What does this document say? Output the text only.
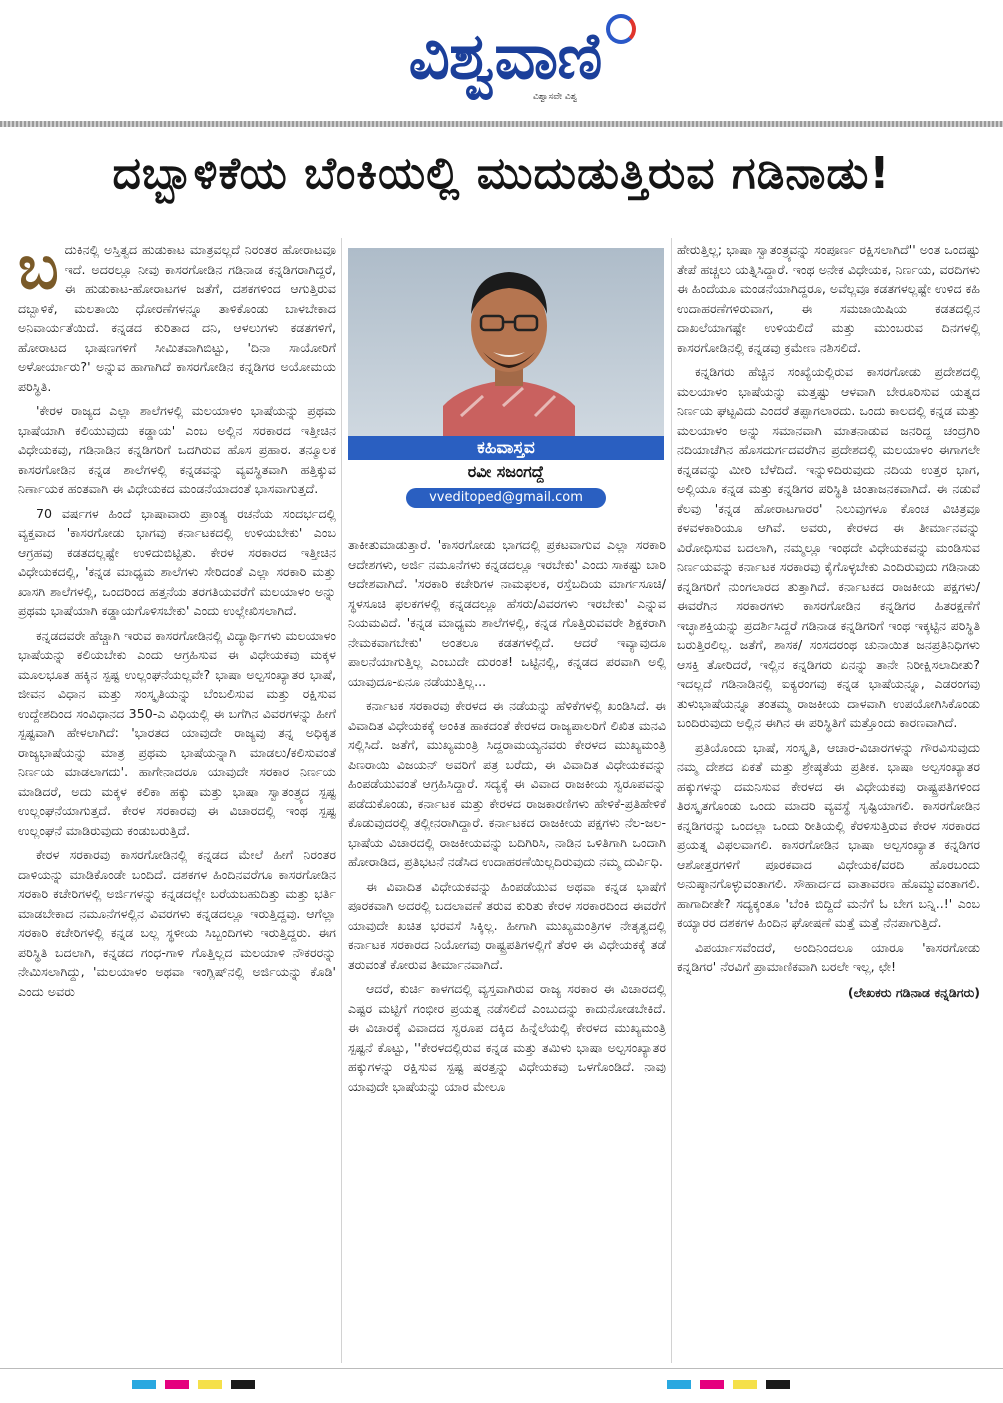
ವಿಶ್ವವಾಣಿ
ವಿಶ್ವಾಸವೇ ವಿಶ್ವ
ದಬ್ಬಾಳಿಕೆಯ ಬೆಂಕಿಯಲ್ಲಿ ಮುದುಡುತ್ತಿರುವ ಗಡಿನಾಡು!
ಬ ದುಕಿನಲ್ಲಿ ಅಸ್ತಿತ್ವದ ಹುಡುಕಾಟ ಮಾತ್ರವಲ್ಲದೆ ನಿರಂತರ ಹೋರಾಟವೂ ಇದೆ. ಅದರಲ್ಲೂ ನೀವು ಕಾಸರಗೋಡಿನ ಗಡಿನಾಡ ಕನ್ನಡಿಗರಾಗಿದ್ದರೆ, ಈ ಹುಡುಕಾಟ-ಹೋರಾಟಗಳ ಜತೆಗೆ, ದಶಕಗಳಿಂದ ಆಗುತ್ತಿರುವ ದಬ್ಬಾಳಿಕೆ, ಮಲತಾಯಿ ಧೋರಣೆಗಳನ್ನೂ ತಾಳಿಕೊಂಡು ಬಾಳಬೇಕಾದ ಅನಿವಾರ್ಯತೆಯಿದೆ. ಕನ್ನಡದ ಕುರಿತಾದ ದನಿ, ಆಳಲುಗಳು ಕಡತಗಳಿಗೆ, ಹೋರಾಟದ ಭಾಷಣಗಳಿಗೆ ಸೀಮಿತವಾಗಿಬಿಟ್ಟು, 'ದಿನಾ ಸಾಯೋರಿಗೆ ಅಳೋರ್ಯಾರು?' ಅನ್ನುವ ಹಾಗಾಗಿದೆ ಕಾಸರಗೋಡಿನ ಕನ್ನಡಿಗರ ಅಯೋಮಯ ಪರಿಸ್ಥಿತಿ.

'ಕೇರಳ ರಾಜ್ಯದ ಎಲ್ಲಾ ಶಾಲೆಗಳಲ್ಲಿ ಮಲಯಾಳಂ ಭಾಷೆಯನ್ನು ಪ್ರಥಮ ಭಾಷೆಯಾಗಿ ಕಲಿಯುವುದು ಕಡ್ಡಾಯ' ಎಂಬ ಅಲ್ಲಿನ ಸರಕಾರದ ಇತ್ತೀಚಿನ ವಿಧೇಯಕವು, ಗಡಿನಾಡಿನ ಕನ್ನಡಿಗರಿಗೆ ಒದಗಿರುವ ಹೊಸ ಪ್ರಹಾರ. ತನ್ಮೂಲಕ ಕಾಸರಗೋಡಿನ ಕನ್ನಡ ಶಾಲೆಗಳಲ್ಲಿ ಕನ್ನಡವನ್ನು ವ್ಯವಸ್ಥಿತವಾಗಿ ಹತ್ತಿಕ್ಕುವ ನಿರ್ಣಾಯಕ ಹಂತವಾಗಿ ಈ ವಿಧೇಯಕದ ಮಂಡನೆಯಾದಂತೆ ಭಾಸವಾಗುತ್ತದೆ.

70 ವರ್ಷಗಳ ಹಿಂದೆ ಭಾಷಾವಾರು ಪ್ರಾಂತ್ಯ ರಚನೆಯ ಸಂದರ್ಭದಲ್ಲಿ ವ್ಯಕ್ತವಾದ 'ಕಾಸರಗೋಡು ಭಾಗವು ಕರ್ನಾಟಕದಲ್ಲಿ ಉಳಿಯಬೇಕು' ಎಂಬ ಆಗ್ರಹವು ಕಡತದಲ್ಲಷ್ಟೇ ಉಳಿದುಬಿಟ್ಟಿತು. ಕೇರಳ ಸರಕಾರದ ಇತ್ತೀಚಿನ ವಿಧೇಯಕದಲ್ಲಿ, 'ಕನ್ನಡ ಮಾಧ್ಯಮ ಶಾಲೆಗಳು ಸೇರಿದಂತೆ ಎಲ್ಲಾ ಸರಕಾರಿ ಮತ್ತು ಖಾಸಗಿ ಶಾಲೆಗಳಲ್ಲಿ, ಒಂದರಿಂದ ಹತ್ತನೆಯ ತರಗತಿಯವರೆಗೆ ಮಲಯಾಳಂ ಅನ್ನು ಪ್ರಥಮ ಭಾಷೆಯಾಗಿ ಕಡ್ಡಾಯಗೊಳಿಸಬೇಕು' ಎಂದು ಉಲ್ಲೇಖಿಸಲಾಗಿದೆ.

ಕನ್ನಡದವರೇ ಹೆಚ್ಚಾಗಿ ಇರುವ ಕಾಸರಗೋಡಿನಲ್ಲಿ ವಿದ್ಯಾರ್ಥಿಗಳು ಮಲಯಾಳಂ ಭಾಷೆಯನ್ನು ಕಲಿಯಬೇಕು ಎಂದು ಆಗ್ರಹಿಸುವ ಈ ವಿಧೇಯಕವು ಮಕ್ಕಳ ಮೂಲಭೂತ ಹಕ್ಕಿನ ಸ್ಪಷ್ಟ ಉಲ್ಲಂಘನೆಯಲ್ಲವೇ? ಭಾಷಾ ಅಲ್ಪಸಂಖ್ಯಾತರ ಭಾಷೆ, ಜೀವನ ವಿಧಾನ ಮತ್ತು ಸಂಸ್ಕೃತಿಯನ್ನು ಬೆಂಬಲಿಸುವ ಮತ್ತು ರಕ್ಷಿಸುವ ಉದ್ದೇಶದಿಂದ ಸಂವಿಧಾನದ 350-ಎ ವಿಧಿಯಲ್ಲಿ ಈ ಬಗೆಗಿನ ವಿವರಗಳನ್ನು ಹೀಗೆ ಸ್ಪಷ್ಟವಾಗಿ ಹೇಳಲಾಗಿದೆ: 'ಭಾರತದ ಯಾವುದೇ ರಾಜ್ಯವು ತನ್ನ ಅಧಿಕೃತ ರಾಜ್ಯಭಾಷೆಯನ್ನು ಮಾತ್ರ ಪ್ರಥಮ ಭಾಷೆಯನ್ನಾಗಿ ಮಾಡಲು/ಕಲಿಸುವಂತೆ ನಿರ್ಣಯ ಮಾಡಲಾಗದು'. ಹಾಗೇನಾದರೂ ಯಾವುದೇ ಸರಕಾರ ನಿರ್ಣಯ ಮಾಡಿದರೆ, ಅದು ಮಕ್ಕಳ ಕಲಿಕಾ ಹಕ್ಕು ಮತ್ತು ಭಾಷಾ ಸ್ವಾತಂತ್ರ್ಯದ ಸ್ಪಷ್ಟ ಉಲ್ಲಂಘನೆಯಾಗುತ್ತದೆ. ಕೇರಳ ಸರಕಾರವು ಈ ವಿಚಾರದಲ್ಲಿ ಇಂಥ ಸ್ಪಷ್ಟ ಉಲ್ಲಂಘನೆ ಮಾಡಿರುವುದು ಕಂಡುಬರುತ್ತಿದೆ.

ಕೇರಳ ಸರಕಾರವು ಕಾಸರಗೋಡಿನಲ್ಲಿ ಕನ್ನಡದ ಮೇಲೆ ಹೀಗೆ ನಿರಂತರ ದಾಳಿಯನ್ನು ಮಾಡಿಕೊಂಡೇ ಬಂದಿದೆ. ದಶಕಗಳ ಹಿಂದಿನವರೆಗೂ ಕಾಸರಗೋಡಿನ ಸರಕಾರಿ ಕಚೇರಿಗಳಲ್ಲಿ ಅರ್ಜಿಗಳನ್ನು ಕನ್ನಡದಲ್ಲೇ ಬರೆಯಬಹುದಿತ್ತು ಮತ್ತು ಭರ್ತಿ ಮಾಡಬೇಕಾದ ನಮೂನೆಗಳಲ್ಲಿನ ವಿವರಗಳು ಕನ್ನಡದಲ್ಲೂ ಇರುತ್ತಿದ್ದವು. ಆಗೆಲ್ಲಾ ಸರಕಾರಿ ಕಚೇರಿಗಳಲ್ಲಿ ಕನ್ನಡ ಬಲ್ಲ ಸ್ಥಳೀಯ ಸಿಬ್ಬಂದಿಗಳು ಇರುತ್ತಿದ್ದರು. ಈಗ ಪರಿಸ್ಥಿತಿ ಬದಲಾಗಿ, ಕನ್ನಡದ ಗಂಧ-ಗಾಳಿ ಗೊತ್ತಿಲ್ಲದ ಮಲಯಾಳಿ ನೌಕರರನ್ನು ನೇಮಿಸಲಾಗಿದ್ದು, 'ಮಲಯಾಳಂ ಅಥವಾ ಇಂಗ್ಲಿಷ್‌ನಲ್ಲಿ ಅರ್ಜಿಯನ್ನು ಕೊಡಿ' ಎಂದು ಅವರು

ಕಹಿವಾಸ್ತವ
ರವೀ ಸಜಂಗದ್ದೆ
vveditoped@gmail.com

ತಾಕೀತುಮಾಡುತ್ತಾರೆ. 'ಕಾಸರಗೋಡು ಭಾಗದಲ್ಲಿ ಪ್ರಕಟವಾಗುವ ಎಲ್ಲಾ ಸರಕಾರಿ ಆದೇಶಗಳು, ಅರ್ಜಿ ನಮೂನೆಗಳು ಕನ್ನಡದಲ್ಲೂ ಇರಬೇಕು' ಎಂದು ಸಾಕಷ್ಟು ಬಾರಿ ಆದೇಶವಾಗಿದೆ. 'ಸರಕಾರಿ ಕಚೇರಿಗಳ ನಾಮಫಲಕ, ರಸ್ತೆಬದಿಯ ಮಾರ್ಗಸೂಚಿ/ಸ್ಥಳಸೂಚಿ ಫಲಕಗಳಲ್ಲಿ ಕನ್ನಡದಲ್ಲೂ ಹೆಸರು/ವಿವರಗಳು ಇರಬೇಕು' ಎನ್ನುವ ನಿಯಮವಿದೆ. 'ಕನ್ನಡ ಮಾಧ್ಯಮ ಶಾಲೆಗಳಲ್ಲಿ, ಕನ್ನಡ ಗೊತ್ತಿರುವವರೇ ಶಿಕ್ಷಕರಾಗಿ ನೇಮಕವಾಗಬೇಕು' ಅಂತಲೂ ಕಡತಗಳಲ್ಲಿದೆ. ಆದರೆ ಇವ್ಯಾವುದೂ ಪಾಲನೆಯಾಗುತ್ತಿಲ್ಲ ಎಂಬುದೇ ದುರಂತ! ಒಟ್ಟಿನಲ್ಲಿ, ಕನ್ನಡದ ಪರವಾಗಿ ಅಲ್ಲಿ ಯಾವುದೂ-ಏನೂ ನಡೆಯುತ್ತಿಲ್ಲ...

ಕರ್ನಾಟಕ ಸರಕಾರವು ಕೇರಳದ ಈ ನಡೆಯನ್ನು ಹೆಳಿಕೆಗಳಲ್ಲಿ ಖಂಡಿಸಿದೆ. ಈ ವಿವಾದಿತ ವಿಧೇಯಕಕ್ಕೆ ಅಂಕಿತ ಹಾಕದಂತೆ ಕೇರಳದ ರಾಜ್ಯಪಾಲರಿಗೆ ಲಿಖಿತ ಮನವಿ ಸಲ್ಲಿಸಿದೆ. ಜತೆಗೆ, ಮುಖ್ಯಮಂತ್ರಿ ಸಿದ್ದರಾಮಯ್ಯನವರು ಕೇರಳದ ಮುಖ್ಯಮಂತ್ರಿ ಪಿಣರಾಯಿ ವಿಜಯನ್ ಅವರಿಗೆ ಪತ್ರ ಬರೆದು, ಈ ವಿವಾದಿತ ವಿಧೇಯಕವನ್ನು ಹಿಂಪಡೆಯುವಂತೆ ಆಗ್ರಹಿಸಿದ್ದಾರೆ. ಸದ್ಯಕ್ಕೆ ಈ ವಿವಾದ ರಾಜಕೀಯ ಸ್ವರೂಪವನ್ನು ಪಡೆದುಕೊಂಡು, ಕರ್ನಾಟಕ ಮತ್ತು ಕೇರಳದ ರಾಜಕಾರಣಿಗಳು ಹೇಳಿಕೆ-ಪ್ರತಿಹೇಳಿಕೆ ಕೊಡುವುದರಲ್ಲಿ ತಲ್ಲೀನರಾಗಿದ್ದಾರೆ. ಕರ್ನಾಟಕದ ರಾಜಕೀಯ ಪಕ್ಷಗಳು ನೆಲ-ಜಲ-ಭಾಷೆಯ ವಿಚಾರದಲ್ಲಿ ರಾಜಕೀಯವನ್ನು ಬದಿಗಿರಿಸಿ, ನಾಡಿನ ಒಳಿತಿಗಾಗಿ ಒಂದಾಗಿ ಹೋರಾಡಿದ, ಪ್ರತಿಭಟನೆ ನಡೆಸಿದ ಉದಾಹರಣೆಯಿಲ್ಲದಿರುವುದು ನಮ್ಮ ದುರ್ವಿಧಿ.

ಈ ವಿವಾದಿತ ವಿಧೇಯಕವನ್ನು ಹಿಂಪಡೆಯುವ ಅಥವಾ ಕನ್ನಡ ಭಾಷೆಗೆ ಪೂರಕವಾಗಿ ಅದರಲ್ಲಿ ಬದಲಾವಣೆ ತರುವ ಕುರಿತು ಕೇರಳ ಸರಕಾರದಿಂದ ಈವರೆಗೆ ಯಾವುದೇ ಖಚಿತ ಭರವಸೆ ಸಿಕ್ಕಿಲ್ಲ. ಹೀಗಾಗಿ ಮುಖ್ಯಮಂತ್ರಿಗಳ ನೇತೃತ್ವದಲ್ಲಿ ಕರ್ನಾಟಕ ಸರಕಾರದ ನಿಯೋಗವು ರಾಷ್ಟ್ರಪತಿಗಳಲ್ಲಿಗೆ ತೆರಳಿ ಈ ವಿಧೇಯಕಕ್ಕೆ ತಡೆ ತರುವಂತೆ ಕೋರುವ ತೀರ್ಮಾನವಾಗಿದೆ.

ಆದರೆ, ಕುರ್ಚಿ ಕಾಳಗದಲ್ಲಿ ವ್ಯಸ್ತವಾಗಿರುವ ರಾಜ್ಯ ಸರಕಾರ ಈ ವಿಚಾರದಲ್ಲಿ ಎಷ್ಟರ ಮಟ್ಟಿಗೆ ಗಂಭೀರ ಪ್ರಯತ್ನ ನಡೆಸಲಿದೆ ಎಂಬುದನ್ನು ಕಾದುನೋಡಬೇಕಿದೆ. ಈ ವಿಚಾರಕ್ಕೆ ವಿವಾದದ ಸ್ವರೂಪ ದಕ್ಕಿದ ಹಿನ್ನೆಲೆಯಲ್ಲಿ ಕೇರಳದ ಮುಖ್ಯಮಂತ್ರಿ ಸ್ಪಷ್ಟನೆ ಕೊಟ್ಟು, ''ಕೇರಳದಲ್ಲಿರುವ ಕನ್ನಡ ಮತ್ತು ತಮಿಳು ಭಾಷಾ ಅಲ್ಪಸಂಖ್ಯಾತರ ಹಕ್ಕುಗಳನ್ನು ರಕ್ಷಿಸುವ ಸ್ಪಷ್ಟ ಷರತ್ತನ್ನು ವಿಧೇಯಕವು ಒಳಗೊಂಡಿದೆ. ನಾವು ಯಾವುದೇ ಭಾಷೆಯನ್ನು ಯಾರ ಮೇಲೂ

ಹೇರುತ್ತಿಲ್ಲ; ಭಾಷಾ ಸ್ವಾತಂತ್ರ್ಯವನ್ನು ಸಂಪೂರ್ಣ ರಕ್ಷಿಸಲಾಗಿದೆ'' ಅಂತ ಒಂದಷ್ಟು ತೇಪೆ ಹಚ್ಚಲು ಯತ್ನಿಸಿದ್ದಾರೆ. ಇಂಥ ಅನೇಕ ವಿಧೇಯಕ, ನಿರ್ಣಯ, ವರದಿಗಳು ಈ ಹಿಂದೆಯೂ ಮಂಡನೆಯಾಗಿದ್ದರೂ, ಅವೆಲ್ಲವೂ ಕಡತಗಳಲ್ಲಷ್ಟೇ ಉಳಿದ ಕಹಿ ಉದಾಹರಣೆಗಳಿರುವಾಗ, ಈ ಸಮಜಾಯಿಷಿಯ ಕಡತದಲ್ಲಿನ ದಾಖಲೆಯಾಗಷ್ಟೇ ಉಳಿಯಲಿದೆ ಮತ್ತು ಮುಂಬರುವ ದಿನಗಳಲ್ಲಿ ಕಾಸರಗೋಡಿನಲ್ಲಿ ಕನ್ನಡವು ಕ್ರಮೇಣ ನಶಿಸಲಿದೆ.

ಕನ್ನಡಿಗರು ಹೆಚ್ಚಿನ ಸಂಖ್ಯೆಯಲ್ಲಿರುವ ಕಾಸರಗೋಡು ಪ್ರದೇಶದಲ್ಲಿ ಮಲಯಾಳಂ ಭಾಷೆಯನ್ನು ಮತ್ತಷ್ಟು ಆಳವಾಗಿ ಬೇರೂರಿಸುವ ಯತ್ನದ ನಿರ್ಣಯ ಘಟ್ಟವಿದು ಎಂದರೆ ತಪ್ಪಾಗಲಾರದು. ಒಂದು ಕಾಲದಲ್ಲಿ ಕನ್ನಡ ಮತ್ತು ಮಲಯಾಳಂ ಅನ್ನು ಸಮಾನವಾಗಿ ಮಾತನಾಡುವ ಜನರಿದ್ದ ಚಂದ್ರಗಿರಿ ನದಿಯಾಚೆಗಿನ ಹೊಸದುರ್ಗದವರೆಗಿನ ಪ್ರದೇಶದಲ್ಲಿ ಮಲಯಾಳಂ ಈಗಾಗಲೇ ಕನ್ನಡವನ್ನು ಮೀರಿ ಬೆಳೆದಿದೆ. ಇನ್ನುಳಿದಿರುವುದು ನದಿಯ ಉತ್ತರ ಭಾಗ, ಅಲ್ಲಿಯೂ ಕನ್ನಡ ಮತ್ತು ಕನ್ನಡಿಗರ ಪರಿಸ್ಥಿತಿ ಚಿಂತಾಜನಕವಾಗಿದೆ. ಈ ನಡುವೆ ಕೆಲವು 'ಕನ್ನಡ ಹೋರಾಟಗಾರರ' ನಿಲುವುಗಳೂ ಕೊಂಚ ವಿಚಿತ್ರವೂ ಕಳವಳಕಾರಿಯೂ ಆಗಿವೆ. ಅವರು, ಕೇರಳದ ಈ ತೀರ್ಮಾನವನ್ನು ವಿರೋಧಿಸುವ ಬದಲಾಗಿ, ನಮ್ಮಲ್ಲೂ ಇಂಥದೇ ವಿಧೇಯಕವನ್ನು ಮಂಡಿಸುವ ನಿರ್ಣಯವನ್ನು ಕರ್ನಾಟಕ ಸರಕಾರವು ಕೈಗೊಳ್ಳಬೇಕು ಎಂದಿರುವುದು ಗಡಿನಾಡು ಕನ್ನಡಿಗರಿಗೆ ನುಂಗಲಾರದ ತುತ್ತಾಗಿದೆ. ಕರ್ನಾಟಕದ ರಾಜಕೀಯ ಪಕ್ಷಗಳು/ಈವರೆಗಿನ ಸರಕಾರಗಳು ಕಾಸರಗೋಡಿನ ಕನ್ನಡಿಗರ ಹಿತರಕ್ಷಣೆಗೆ ಇಚ್ಛಾಶಕ್ತಿಯನ್ನು ಪ್ರದರ್ಶಿಸಿದ್ದರೆ ಗಡಿನಾಡ ಕನ್ನಡಿಗರಿಗೆ ಇಂಥ ಇಕ್ಕಟ್ಟಿನ ಪರಿಸ್ಥಿತಿ ಬರುತ್ತಿರಲಿಲ್ಲ. ಜತೆಗೆ, ಶಾಸಕ/ ಸಂಸದರಂಥ ಚುನಾಯಿತ ಜನಪ್ರತಿನಿಧಿಗಳು ಆಸಕ್ತಿ ತೋರಿದರೆ, ಇಲ್ಲಿನ ಕನ್ನಡಿಗರು ಏನನ್ನು ತಾನೇ ನಿರೀಕ್ಷಿಸಲಾದೀತು? ಇದಲ್ಲದೆ ಗಡಿನಾಡಿನಲ್ಲಿ ಐಕ್ಯರಂಗವು ಕನ್ನಡ ಭಾಷೆಯನ್ನೂ, ಎಡರಂಗವು ತುಳುಭಾಷೆಯನ್ನೂ ತಂತಮ್ಮ ರಾಜಕೀಯ ದಾಳವಾಗಿ ಉಪಯೋಗಿಸಿಕೊಂಡು ಬಂದಿರುವುದು ಅಲ್ಲಿನ ಈಗಿನ ಈ ಪರಿಸ್ಥಿತಿಗೆ ಮತ್ತೊಂದು ಕಾರಣವಾಗಿದೆ.

ಪ್ರತಿಯೊಂದು ಭಾಷೆ, ಸಂಸ್ಕೃತಿ, ಆಚಾರ-ವಿಚಾರಗಳನ್ನು ಗೌರವಿಸುವುದು ನಮ್ಮ ದೇಶದ ಏಕತೆ ಮತ್ತು ಶ್ರೇಷ್ಠತೆಯ ಪ್ರತೀಕ. ಭಾಷಾ ಅಲ್ಪಸಂಖ್ಯಾತರ ಹಕ್ಕುಗಳನ್ನು ದಮನಿಸುವ ಕೇರಳದ ಈ ವಿಧೇಯಕವು ರಾಷ್ಟ್ರಪತಿಗಳಿಂದ ತಿರಸ್ಕೃತಗೊಂಡು ಒಂದು ಮಾದರಿ ವ್ಯವಸ್ಥೆ ಸೃಷ್ಟಿಯಾಗಲಿ. ಕಾಸರಗೋಡಿನ ಕನ್ನಡಿಗರನ್ನು ಒಂದಲ್ಲಾ ಒಂದು ರೀತಿಯಲ್ಲಿ ಕೆರಳಿಸುತ್ತಿರುವ ಕೇರಳ ಸರಕಾರದ ಪ್ರಯತ್ನ ವಿಫಲವಾಗಲಿ. ಕಾಸರಗೋಡಿನ ಭಾಷಾ ಅಲ್ಪಸಂಖ್ಯಾತ ಕನ್ನಡಿಗರ ಆಶೋತ್ತರಗಳಿಗೆ ಪೂರಕವಾದ ವಿಧೇಯಕ/ವರದಿ ಹೊರಬಂದು ಅನುಷ್ಠಾನಗೊಳ್ಳುವಂತಾಗಲಿ. ಸೌಹಾರ್ದದ ವಾತಾವರಣ ಹೊಮ್ಮುವಂತಾಗಲಿ. ಹಾಗಾದೀತೇ? ಸದ್ಯಕ್ಕಂತೂ 'ಬೆಂಕಿ ಬಿದ್ದಿದೆ ಮನೆಗೆ ಓ ಬೇಗ ಬನ್ನಿ..!' ಎಂಬ ಕಯ್ಯಾರರ ದಶಕಗಳ ಹಿಂದಿನ ಘೋಷಣೆ ಮತ್ತೆ ಮತ್ತೆ ನೆನಪಾಗುತ್ತಿದೆ.

ವಿಪರ್ಯಾಸವೆಂದರೆ, ಅಂದಿನಿಂದಲೂ ಯಾರೂ 'ಕಾಸರಗೋಡು ಕನ್ನಡಿಗರ' ನೆರವಿಗೆ ಪ್ರಾಮಾಣಿಕವಾಗಿ ಬರಲೇ ಇಲ್ಲ, ಛೇ!

(ಲೇಖಕರು ಗಡಿನಾಡ ಕನ್ನಡಿಗರು)
